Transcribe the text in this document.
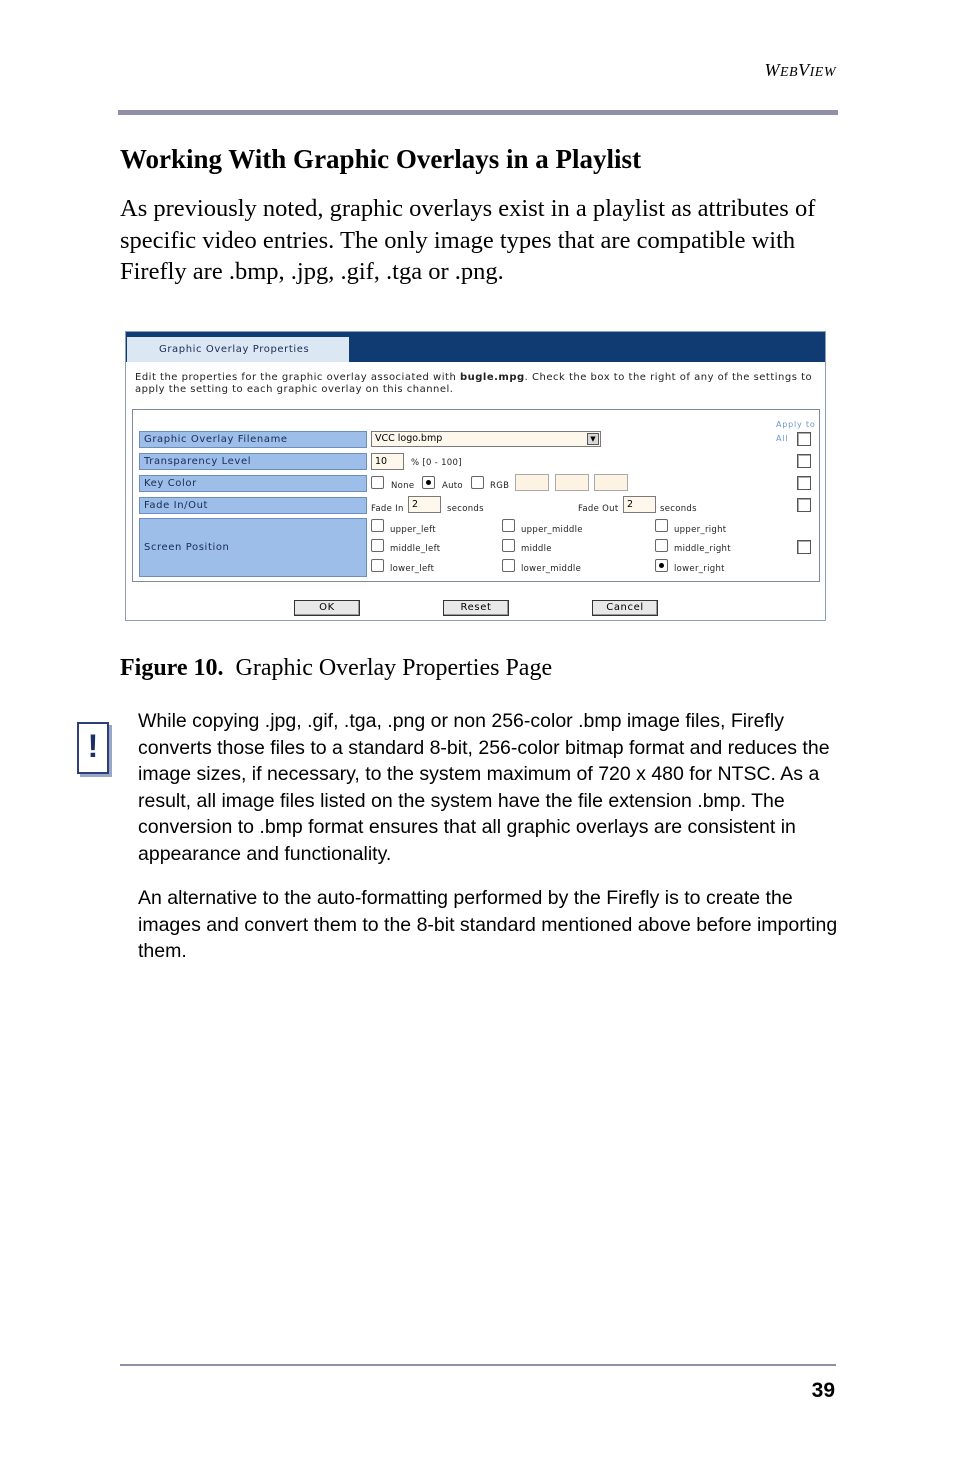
WEBVIEW
Working With Graphic Overlays in a Playlist
As previously noted, graphic overlays exist in a playlist as attributes of specific video entries. The only image types that are compatible with Firefly are .bmp, .jpg, .gif, .tga or .png.
Graphic Overlay Properties
Edit the properties for the graphic overlay associated with bugle.mpg. Check the box to the right of any of the settings to apply the setting to each graphic overlay on this channel.
Apply to All
Graphic Overlay Filename	VCC logo.bmp	▼
Transparency Level	10	% [0 - 100]
Key Color	None	Auto	RGB
Fade In/Out	Fade In 2	seconds	Fade Out 2	seconds
Screen Position
upper_left	upper_middle	upper_right
middle_left	middle	middle_right
lower_left	lower_middle	lower_right
OK	Reset	Cancel
Figure 10. Graphic Overlay Properties Page
!
While copying .jpg, .gif, .tga, .png or non 256-color .bmp image files, Firefly converts those files to a standard 8-bit, 256-color bitmap format and reduces the image sizes, if necessary, to the system maximum of 720 x 480 for NTSC. As a result, all image files listed on the system have the file extension .bmp. The conversion to .bmp format ensures that all graphic overlays are consistent in appearance and functionality.
An alternative to the auto-formatting performed by the Firefly is to create the images and convert them to the 8-bit standard mentioned above before importing them.
39
